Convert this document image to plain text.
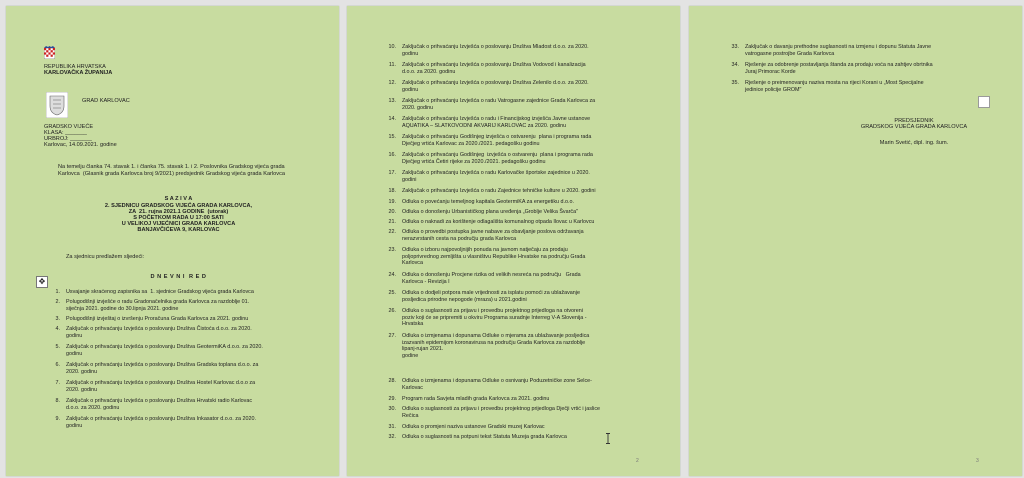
REPUBLIKA HRVATSKA
KARLOVAČKA ŽUPANIJA
GRAD KARLOVAC
GRADSKO VIJEĆE
KLASA: _______
URBROJ: _______
Karlovac, 14.09.2021. godine
Na temelju članka 74. stavak 1. i članka 75. stavak 1. i 2. Poslovnika Gradskog vijeća grada Karlovca  (Glasnik grada Karlovca broj 9/2021) predsjednik Gradskog vijeća grada Karlovca
S A Z I V A
2. SJEDNICU GRADSKOG VIJEĆA GRADA KARLOVCA,
ZA  21. rujna 2021.1 GODINE  (utorak)
S POČETKOM RADA U 17:00 SATI
U VELIKOJ VIJEĆNICI GRADA KARLOVCA
BANJAVČIĆEVA 9, KARLOVAC
Za sjednicu predlažem sljedeći:
D N E V N I  R E D
✥
1. Usvajanje skraćenog zapisnika sa  1. sjednice Gradskog vijeća grada Karlovca
2. Polugodišnji izvješće o radu Gradonačelnika grada Karlovca za razdoblje 01.
siječnja 2021. godine do 30.lipnja 2021. godine
3. Polugodišnji izvještaj o izvršenju Proračuna Grada Karlovca za 2021. godinu
4. Zaključak o prihvaćanju Izvješća o poslovanju Društva Čistoća d.o.o. za 2020.
godinu
5. Zaključak o prihvaćanju Izvješća o poslovanju Društva GeotermiKA d.o.o. za 2020.
godinu
6. Zaključak o prihvaćanju Izvješća o poslovanju Društva Gradska toplana d.o.o. za
2020. godinu
7. Zaključak o prihvaćanju Izvješća o poslovanju Društva Hostel Karlovac d.o.o za
2020. godinu
8. Zaključak o prihvaćanju Izvješća o poslovanju Društva Hrvatski radio Karlovac
d.o.o. za 2020. godinu
9. Zaključak o prihvaćanju Izvješća o poslovanju Društva Inkasator d.o.o. za 2020.
godinu
10. Zaključak o prihvaćanju Izvješća o poslovanju Društva Mladost d.o.o. za 2020.
godinu
11. Zaključak o prihvaćanju Izvješća o poslovanju Društva Vodovod i kanalizacija
d.o.o. za 2020. godinu
12. Zaključak o prihvaćanju Izvješća o poslovanju Društva Zelenilo d.o.o. za 2020.
godinu
13. Zaključak o prihvaćanju Izvješća o radu Vatrogasne zajednice Grada Karlovca za
2020. godinu
14. Zaključak o prihvaćanju Izvješća o radu i Financijskog izvješća Javne ustanove
AQUATIKA – SLATKOVODNI AKVARIJ KARLOVAC za 2020. godinu
15. Zaključak o prihvaćanju Godišnjeg izvješća o ostvarenju  plana i programa rada
Dječjeg vrtića Karlovac za 2020./2021. pedagošku godinu
16. Zaključak o prihvaćanju Godišnjeg  izvješća o ostvarenju  plana i programa rada
Dječjeg vrtića Četiri rijeke za 2020./2021. pedagošku godinu
17. Zaključak o prihvaćanju Izvješća o radu Karlovačke športske zajednice u 2020.
godini
18. Zaključak o prihvaćanju Izvješća o radu Zajednice tehničke kulture u 2020. godini
19. Odluka o povećanju temeljnog kapitala GeotermiKA za energetiku d.o.o.
20. Odluka o donošenju Urbanističkog plana uređenja „Groblje Velika Švarča"
21. Odluka o naknadi za korištenje odlagališta komunalnog otpada Ilovac u Karlovcu
22. Odluka o provedbi postupka javne nabave za obavljanje poslova održavanja
nerazvrstanih cesta na području grada Karlovca
23. Odluka o izboru najpovoljnijih ponuda na javnom natječaju za prodaju
poljoprivrednog zemljišta u vlasništvu Republike Hrvatske na području Grada
Karlovca
24. Odluka o donošenju Procjene rizika od velikih nesreća na području   Grada
Karlovca - Revizija I
25. Odluka o dodjeli potpora male vrijednosti za isplatu pomoći za ublažavanje
posljedica prirodne nepogode (mraza) u 2021.godini
26. Odluka o suglasnosti za prijavu i provedbu projektnog prijedloga na otvoreni
poziv koji će se pripremiti u okviru Programa suradnje Interreg V-A Slovenija -
Hrvatska
27. Odluka o izmjenama i dopunama Odluke o mjerama za ublažavanje posljedica
izazvanih epidemijom koronavirusa na području Grada Karlovca za razdoblje
lipanj-rujan 2021.
godine
28. Odluka o izmjenama i dopunama Odluke o osnivanju Poduzetničke zone Selce-
Karlovac
29. Program rada Savjeta mladih grada Karlovca za 2021. godinu
30. Odluka o suglasnosti za prijavu i provedbu projektnog prijedloga Dječji vrtić i jaslice
Rečica
31. Odluka o promjeni naziva ustanove Gradski muzej Karlovac
32. Odluka o suglasnosti na potpuni tekst Statuta Muzeja grada Karlovca
2
33. Zaključak o davanju prethodne suglasnosti na izmjenu i dopunu Statuta Javne
vatrogasne postrojbe Grada Karlovca
34. Rješenje za odobrenje postavljanja štanda za prodaju voća na zahtjev obrtnika
Juraj Primorac Korde
35. Rješenje o preimenovanju naziva mosta na rijeci Korani u „Most Specijalne
jedinice policije GROM"
PREDSJEDNIK
GRADSKOG VIJEĆA GRADA KARLOVCA
Marin Svetić, dipl. ing. šum.
3
